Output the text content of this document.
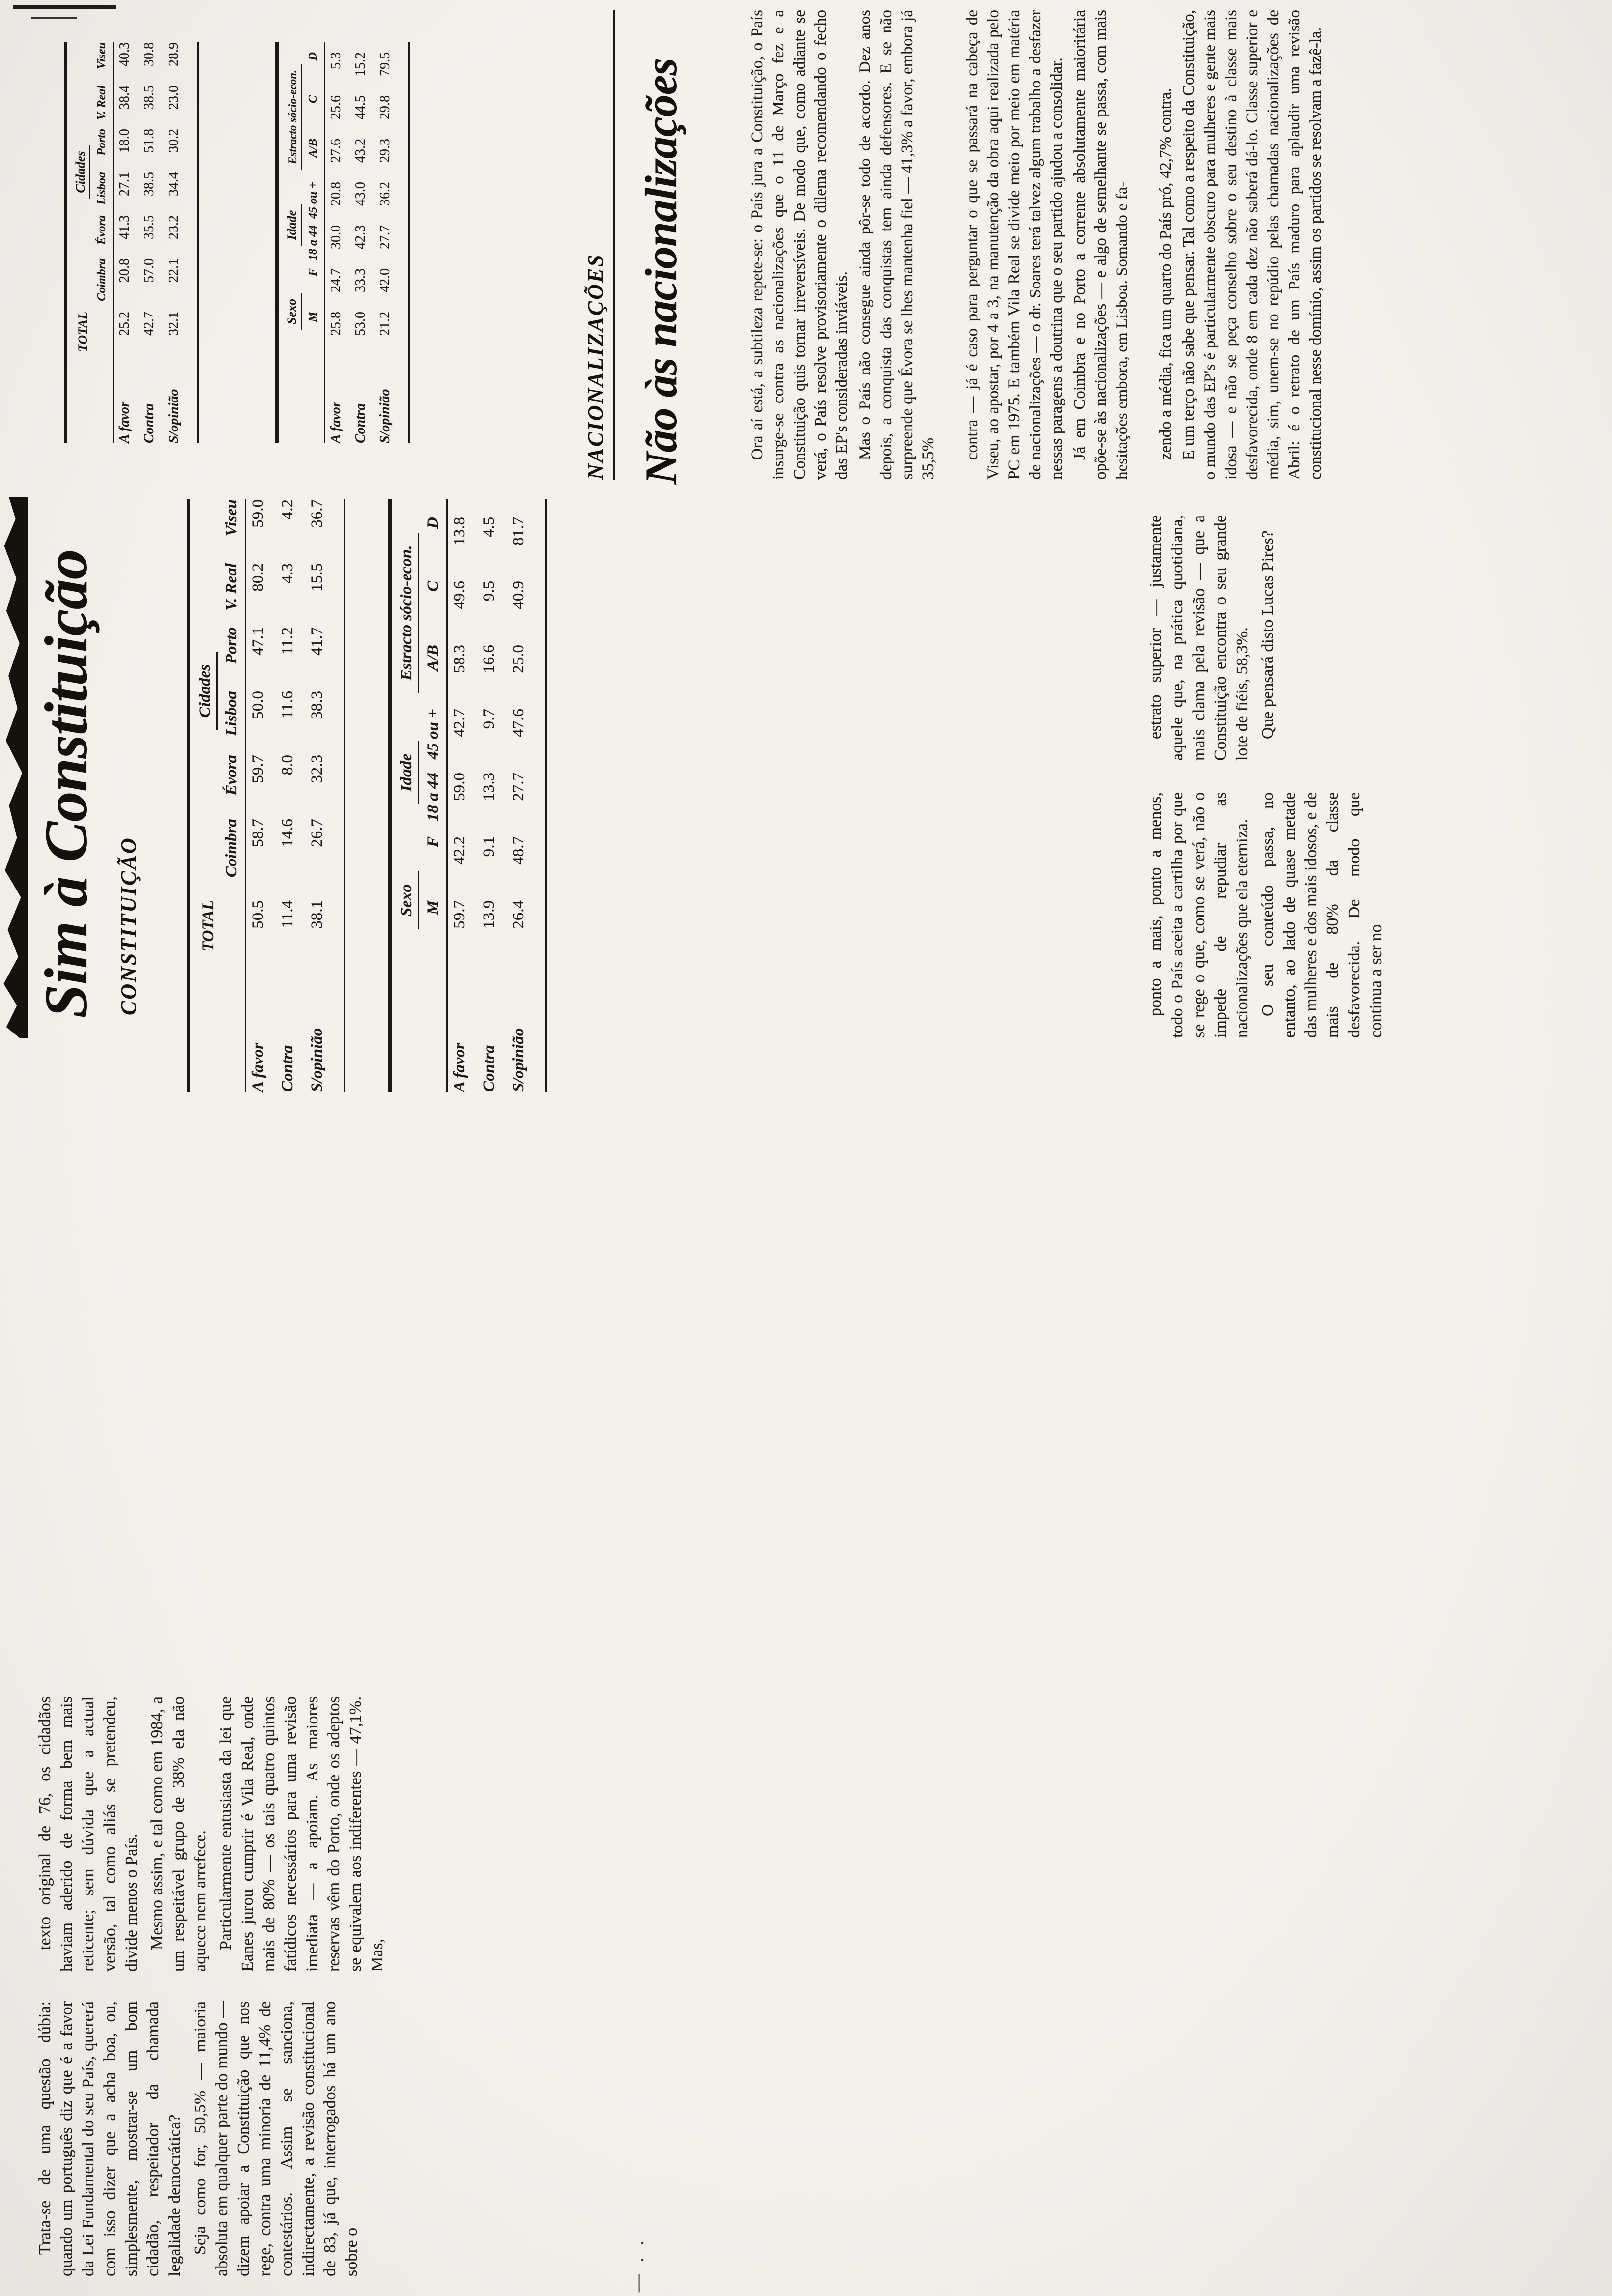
— . .
Sim à Constituição CONSTITUIÇÃO	TOTAL
Cidades
Coimbra
Évora
Lisboa
Porto
V. Real
Viseu
A favor
50.5
58.7
59.7
50.0
47.1
80.2
59.0
Contra
11.4
14.6
8.0
11.6
11.2
4.3
4.2
S/opinião
38.1
26.7
32.3
38.3
41.7
15.5
36.7
Sexo
Idade
Estracto sócio-econ.
M
F
18 a 44
45 ou +
A/B
C
D
A favor
59.7
42.2
59.0
42.7
58.3
49.6
13.8
Contra
13.9
9.1
13.3
9.7
16.6
9.5
4.5
S/opinião
26.4
48.7
27.7
47.6
25.0
40.9
81.7

Trata-se de uma questão dúbia: quando um português diz que é a favor da Lei Fundamental do seu País, quererá com isso dizer que a acha boa, ou, simplesmente, mostrar-se um bom cidadão, respeitador da chamada legalidade democrática? Seja como for, 50,5% — maioria absoluta em qualquer parte do mundo — dizem apoiar a Constituição que nos rege, contra uma minoria de 11,4% de contestários. Assim se sanciona, indirectamente, a revisão constitucional de 83, já que, interrogados há um ano sobre o

texto original de 76, os cidadãos haviam aderido de forma bem mais reticente; sem dúvida que a actual versão, tal como aliás se pretendeu, divide menos o País. Mesmo assim, e tal como em 1984, a um respeitável grupo de 38% ela não aquece nem arrefece. Particularmente entusiasta da lei que Eanes jurou cumprir é Vila Real, onde mais de 80% — os tais quatro quintos fatídicos necessários para uma revisão imediata — a apoiam. As maiores reservas vêm do Porto, onde os adeptos se equivalem aos indiferentes — 47,1%. Mas,

ponto a mais, ponto a menos, todo o País aceita a cartilha por que se rege o que, como se verá, não o impede de repudiar as nacionalizações que ela eterniza. O seu conteúdo passa, no entanto, ao lado de quase metade das mulheres e dos mais idosos, e de mais de 80% da classe desfavorecida. De modo que continua a ser no

estrato superior — justamente aquele que, na prática quotidiana, mais clama pela revisão — que a Constituição encontra o seu grande lote de fiéis, 58,3%. Que pensará disto Lucas Pires?

TOTAL
Cidades
Coimbra
Évora
Lisboa
Porto
V. Real
Viseu
A favor
25.2
20.8
41.3
27.1
18.0
38.4
40.3
Contra
42.7
57.0
35.5
38.5
51.8
38.5
30.8
S/opinião
32.1
22.1
23.2
34.4
30.2
23.0
28.9
Sexo
Idade
Estracto sócio-econ.
M
F
18 a 44
45 ou +
A/B
C
D
A favor
25.8
24.7
30.0
20.8
27.6
25.6
5.3
Contra
53.0
33.3
42.3
43.0
43.2
44.5
15.2
S/opinião
21.2
42.0
27.7
36.2
29.3
29.8
79.5
NACIONALIZAÇÕES Não às nacionalizações	Ora aí está, a subtileza repete-se: o País jura a Constituição, o País insurge-se contra as nacionalizações que o 11 de Março fez e a Constituição quis tornar irreversíveis. De modo que, como adiante se verá, o País resolve provisoriamente o dilema recomendando o fecho das EP's consideradas inviáveis. Mas o País não consegue ainda pôr-se todo de acordo. Dez anos depois, a conquista das conquistas tem ainda defensores. E se não surpreende que Évora se lhes mantenha fiel — 41,3% a favor, embora já 35,5% contra — já é caso para perguntar o que se passará na cabeça de Viseu, ao apostar, por 4 a 3, na manutenção da obra aqui realizada pelo PC em 1975. E também Vila Real se divide meio por meio em matéria de nacionalizações — o dr. Soares terá talvez algum trabalho a desfazer nessas paragens a doutrina que o seu partido ajudou a consolidar. Já em Coimbra e no Porto a corrente absolutamente maioritária opõe-se às nacionalizações — e algo de semelhante se passa, com mais hesitações embora, em Lisboa. Somando e fa- zendo a média, fica um quarto do País pró, 42,7% contra. E um terço não sabe que pensar. Tal como a respeito da Constituição, o mundo das EP's é particularmente obscuro para mulheres e gente mais idosa — e não se peça conselho sobre o seu destino à classe mais desfavorecida, onde 8 em cada dez não saberá dá-lo. Classe superior e média, sim, unem-se no repúdio pelas chamadas nacionalizações de Abril: é o retrato de um País maduro para aplaudir uma revisão constitucional nesse domínio, assim os partidos se resolvam a fazê-la.
